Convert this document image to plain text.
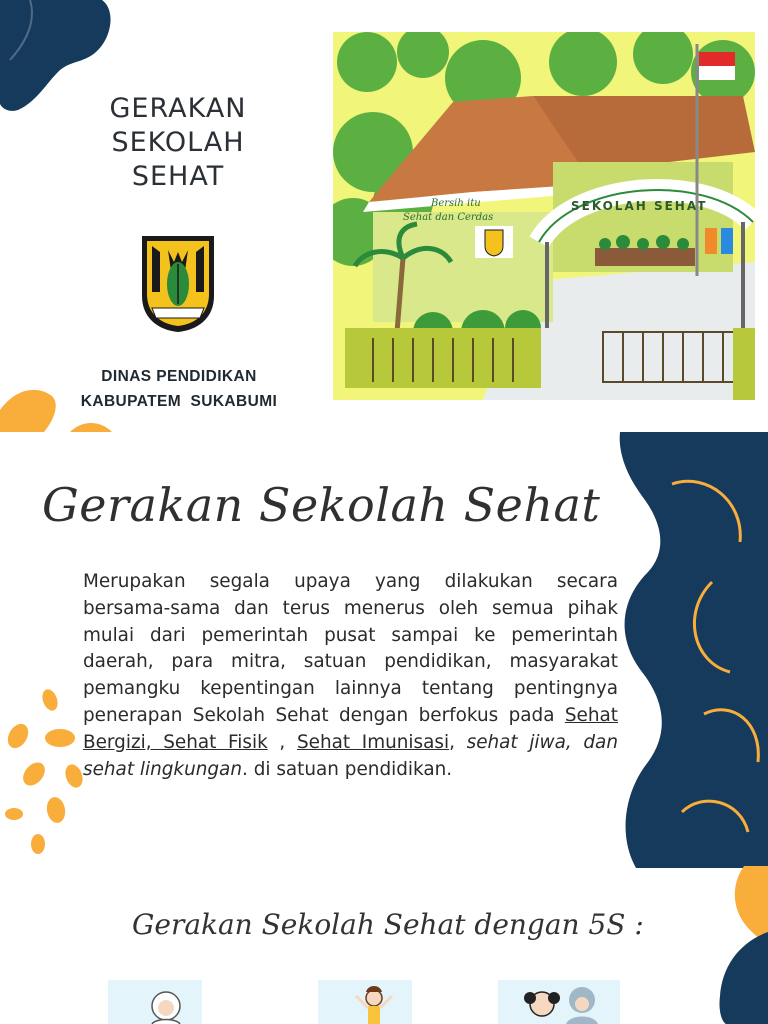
GERAKAN
SEKOLAH
SEHAT
DINAS PENDIDIKAN
KABUPATEM  SUKABUMI
Bersih itu
Sehat dan Cerdas
SEKOLAH SEHAT
Gerakan Sekolah Sehat

Merupakan segala upaya yang dilakukan secara bersama-sama dan terus menerus oleh semua pihak mulai dari pemerintah pusat sampai ke pemerintah daerah, para mitra, satuan pendidikan, masyarakat pemangku kepentingan lainnya tentang pentingnya penerapan Sekolah Sehat dengan berfokus pada Sehat Bergizi, Sehat Fisik , Sehat Imunisasi, sehat jiwa, dan sehat lingkungan. di satuan pendidikan.

Gerakan Sekolah Sehat dengan 5S :
